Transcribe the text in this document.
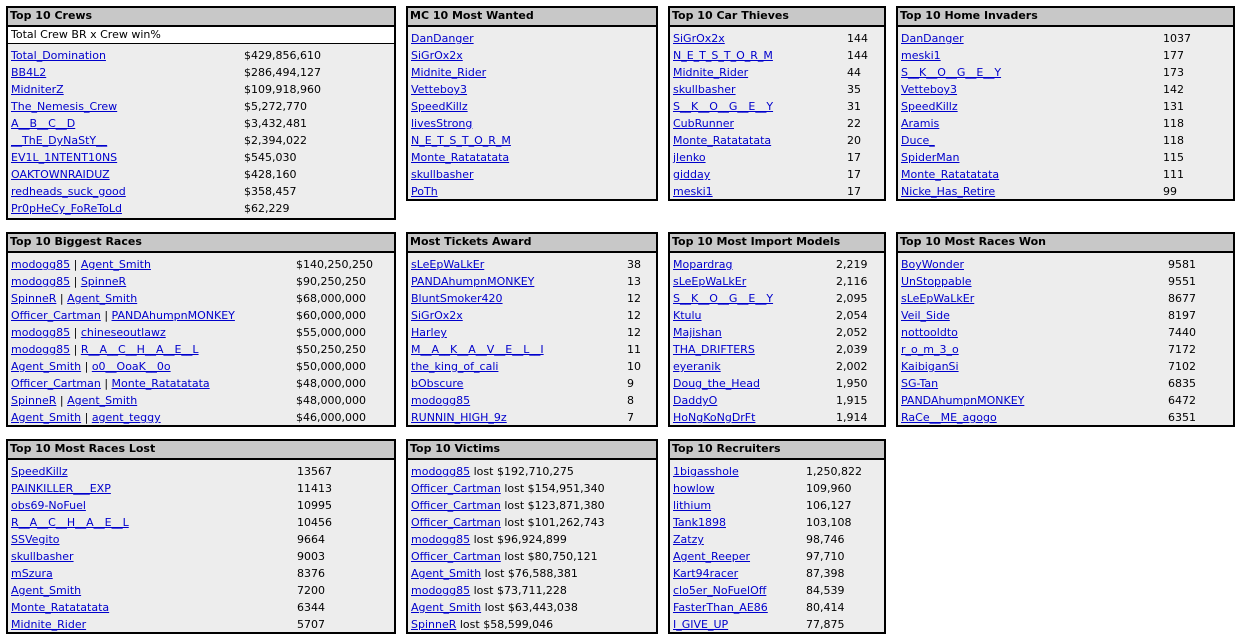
Top 10 Crews
Total Crew BR x Crew win%
Total_Domination	$429,856,610
BB4L2	$286,494,127
MidniterZ	$109,918,960
The_Nemesis_Crew	$5,272,770
A__B__C__D	$3,432,481
__ThE_DyNaStY__	$2,394,022
EV1L_1NTENT10NS	$545,030
OAKTOWNRAIDUZ	$428,160
redheads_suck_good	$358,457
Pr0pHeCy_FoReToLd	$62,229
MC 10 Most Wanted
DanDanger
SiGrOx2x
Midnite_Rider
Vetteboy3
SpeedKillz
livesStrong
N_E_T_S_T_O_R_M
Monte_Ratatatata
skullbasher
PoTh
Top 10 Car Thieves
SiGrOx2x	144
N_E_T_S_T_O_R_M	144
Midnite_Rider	44
skullbasher	35
S__K__O__G__E__Y	31
CubRunner	22
Monte_Ratatatata	20
jlenko	17
gidday	17
meski1	17
Top 10 Home Invaders
DanDanger	1037
meski1	177
S__K__O__G__E__Y	173
Vetteboy3	142
SpeedKillz	131
Aramis	118
Duce_	118
SpiderMan	115
Monte_Ratatatata	111
Nicke_Has_Retire	99
Top 10 Biggest Races
modogg85 | Agent_Smith	$140,250,250
modogg85 | SpinneR	$90,250,250
SpinneR | Agent_Smith	$68,000,000
Officer_Cartman | PANDAhumpnMONKEY	$60,000,000
modogg85 | chineseoutlawz	$55,000,000
modogg85 | R__A__C__H__A__E__L	$50,250,250
Agent_Smith | o0__OoaK__0o	$50,000,000
Officer_Cartman | Monte_Ratatatata	$48,000,000
SpinneR | Agent_Smith	$48,000,000
Agent_Smith | agent_teggy	$46,000,000
Most Tickets Award
sLeEpWaLkEr	38
PANDAhumpnMONKEY	13
BluntSmoker420	12
SiGrOx2x	12
Harley	12
M__A__K__A__V__E__L__I	11
the_king_of_cali	10
bObscure	9
modogg85	8
RUNNIN_HIGH_9z	7
Top 10 Most Import Models
Mopardrag	2,219
sLeEpWaLkEr	2,116
S__K__O__G__E__Y	2,095
Ktulu	2,054
Majishan	2,052
THA_DRIFTERS	2,039
eyeranik	2,002
Doug_the_Head	1,950
DaddyO	1,915
HoNgKoNgDrFt	1,914
Top 10 Most Races Won
BoyWonder	9581
UnStoppable	9551
sLeEpWaLkEr	8677
Veil_Side	8197
nottooldto	7440
r_o_m_3_o	7172
KaibiganSi	7102
SG-Tan	6835
PANDAhumpnMONKEY	6472
RaCe__ME_agogo	6351
Top 10 Most Races Lost
SpeedKillz	13567
PAINKILLER___EXP	11413
obs69-NoFuel	10995
R__A__C__H__A__E__L	10456
SSVegito	9664
skullbasher	9003
mSzura	8376
Agent_Smith	7200
Monte_Ratatatata	6344
Midnite_Rider	5707
Top 10 Victims
modogg85 lost $192,710,275
Officer_Cartman lost $154,951,340
Officer_Cartman lost $123,871,380
Officer_Cartman lost $101,262,743
modogg85 lost $96,924,899
Officer_Cartman lost $80,750,121
Agent_Smith lost $76,588,381
modogg85 lost $73,711,228
Agent_Smith lost $63,443,038
SpinneR lost $58,599,046
Top 10 Recruiters
1bigasshole	1,250,822
howlow	109,960
lithium	106,127
Tank1898	103,108
Zatzy	98,746
Agent_Reeper	97,710
Kart94racer	87,398
clo5er_NoFuelOff	84,539
FasterThan_AE86	80,414
I_GIVE_UP	77,875
